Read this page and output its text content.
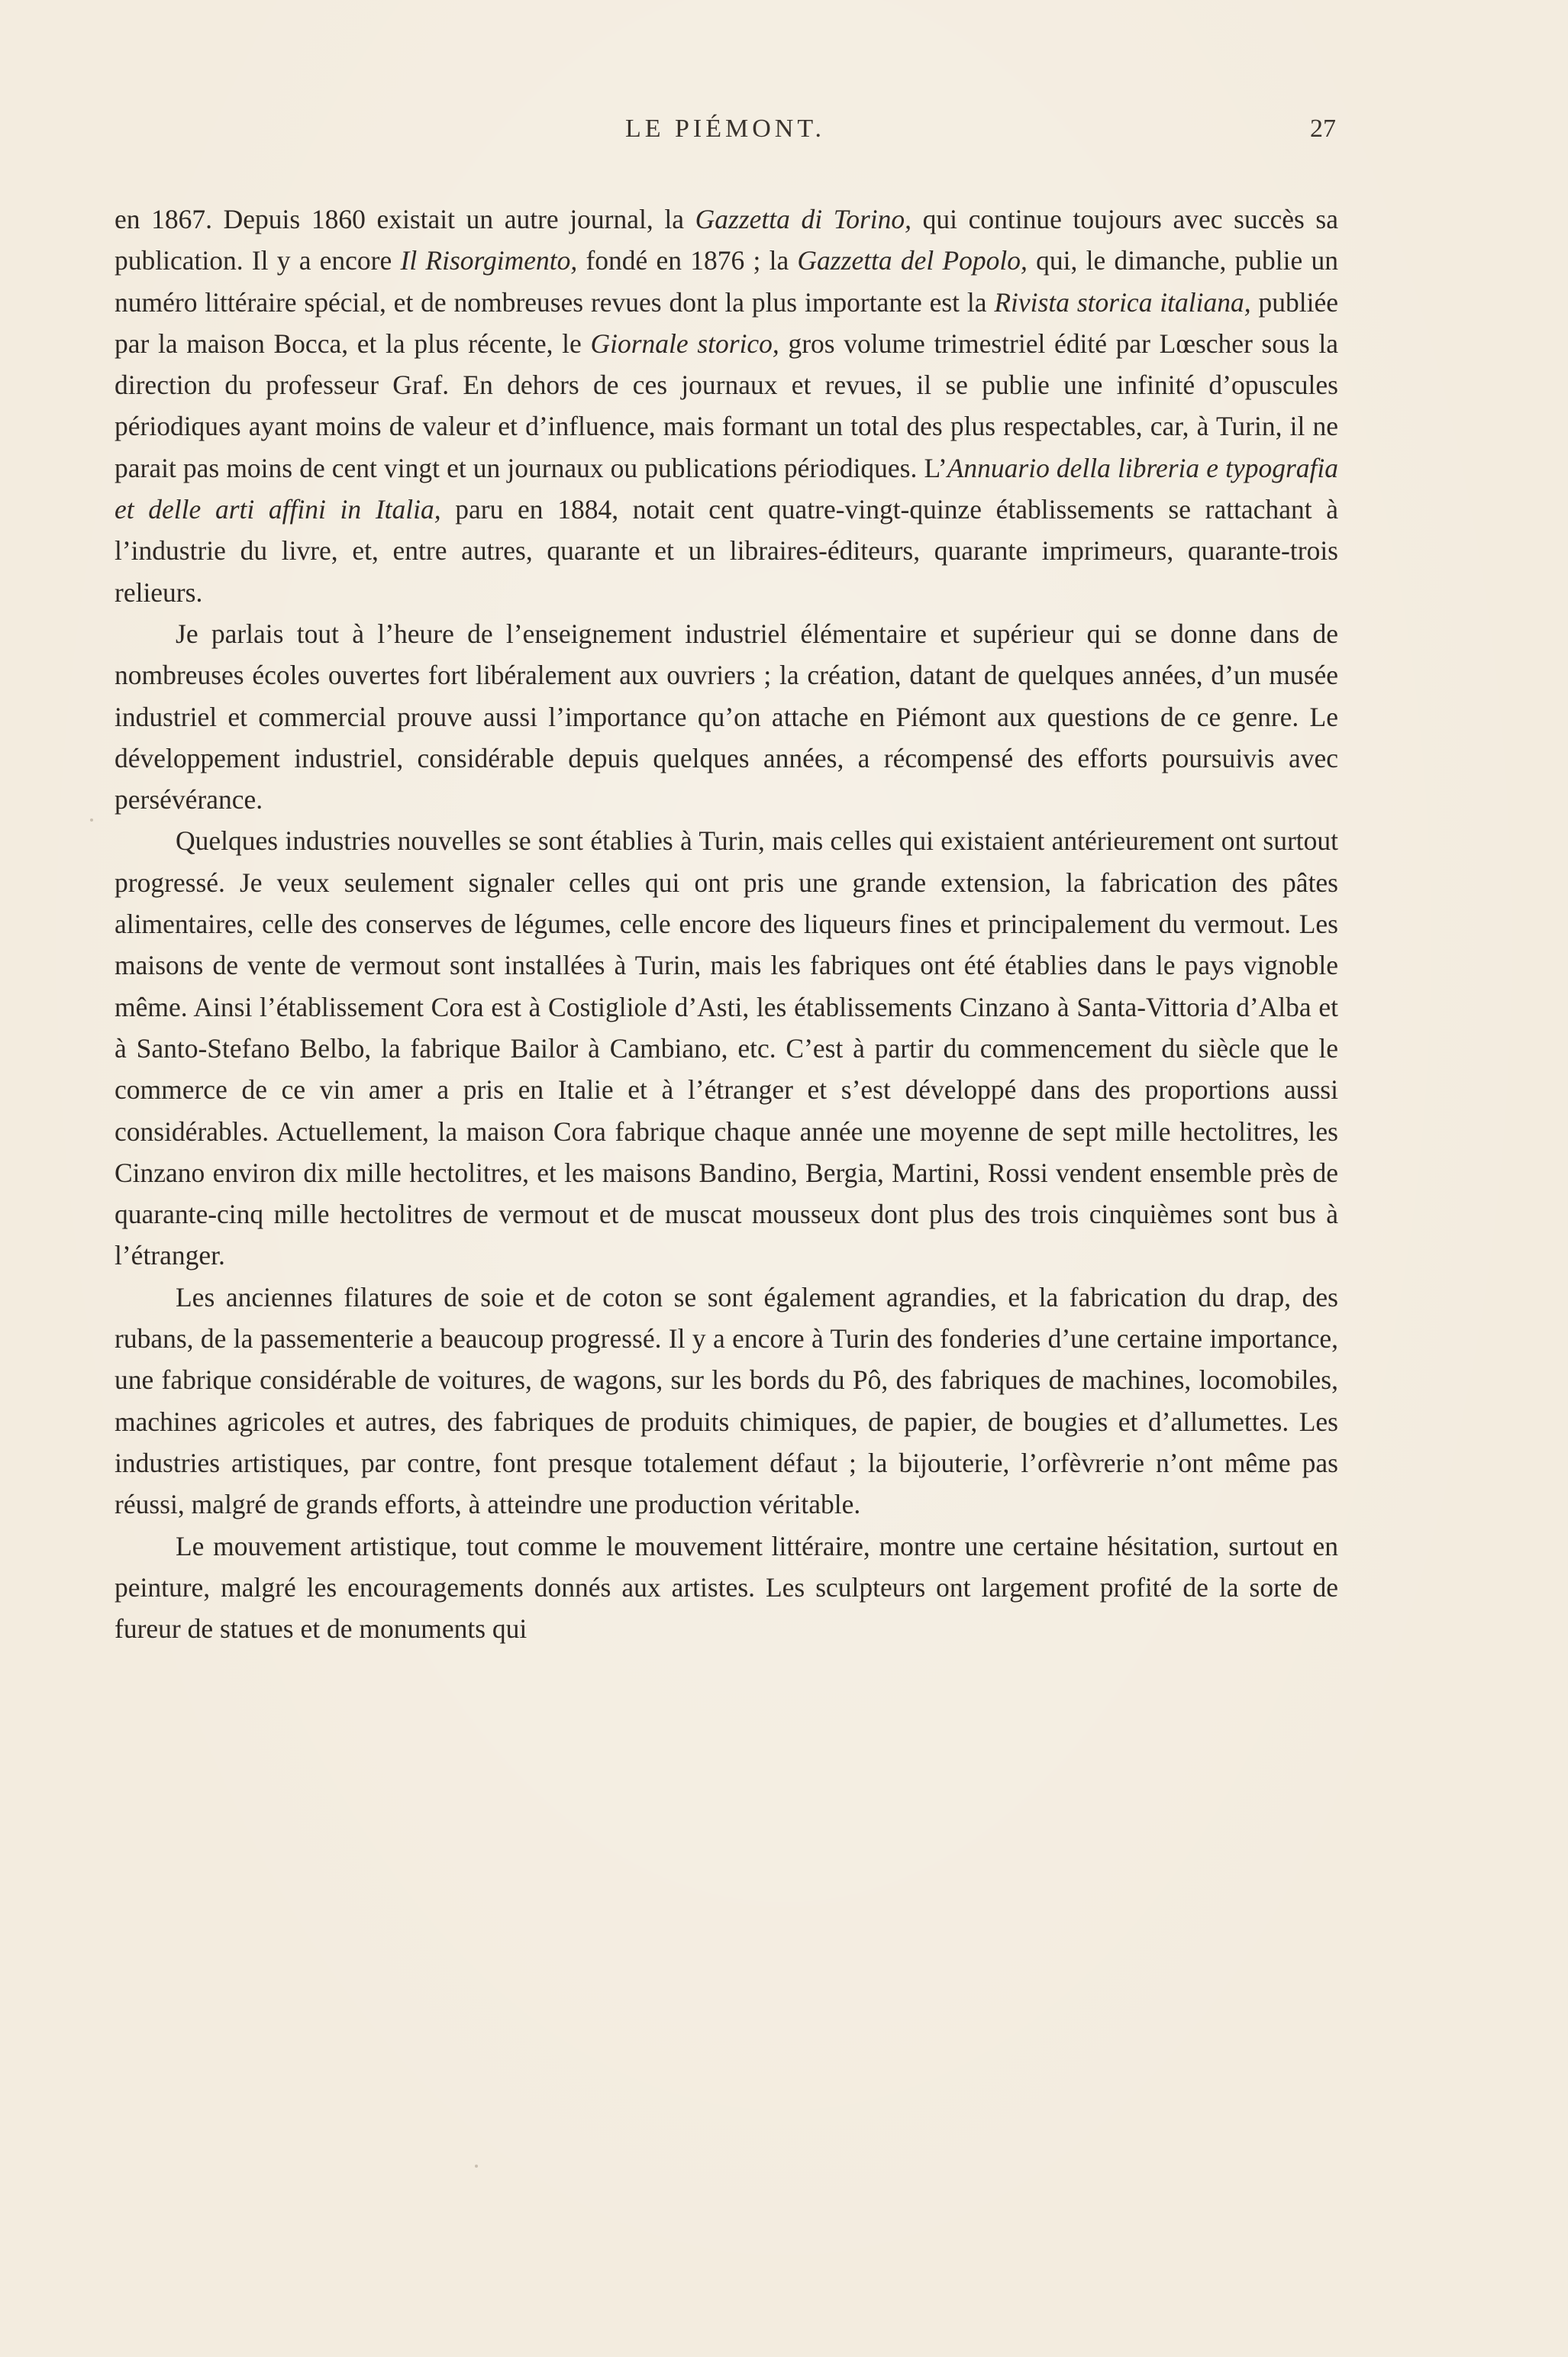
LE PIÉMONT.	27

en 1867. Depuis 1860 existait un autre journal, la Gazzetta di Torino, qui continue toujours avec succès sa publication. Il y a encore Il Risorgimento, fondé en 1876 ; la Gazzetta del Popolo, qui, le dimanche, publie un numéro littéraire spécial, et de nombreuses revues dont la plus importante est la Rivista storica italiana, publiée par la maison Bocca, et la plus récente, le Giornale storico, gros volume trimestriel édité par Lœscher sous la direction du professeur Graf. En dehors de ces journaux et revues, il se publie une infinité d’opuscules périodiques ayant moins de valeur et d’influence, mais formant un total des plus respectables, car, à Turin, il ne parait pas moins de cent vingt et un journaux ou publications périodiques. L’Annuario della libreria e typografia et delle arti affini in Italia, paru en 1884, notait cent quatre-vingt-quinze établissements se rattachant à l’industrie du livre, et, entre autres, quarante et un libraires-éditeurs, quarante imprimeurs, quarante-trois relieurs.

Je parlais tout à l’heure de l’enseignement industriel élémentaire et supérieur qui se donne dans de nombreuses écoles ouvertes fort libéralement aux ouvriers ; la création, datant de quelques années, d’un musée industriel et commercial prouve aussi l’importance qu’on attache en Piémont aux questions de ce genre. Le développement industriel, considérable depuis quelques années, a récompensé des efforts poursuivis avec persévérance.

Quelques industries nouvelles se sont établies à Turin, mais celles qui existaient antérieurement ont surtout progressé. Je veux seulement signaler celles qui ont pris une grande extension, la fabrication des pâtes alimentaires, celle des conserves de légumes, celle encore des liqueurs fines et principalement du vermout. Les maisons de vente de vermout sont installées à Turin, mais les fabriques ont été établies dans le pays vignoble même. Ainsi l’établissement Cora est à Costigliole d’Asti, les établissements Cinzano à Santa-Vittoria d’Alba et à Santo-Stefano Belbo, la fabrique Bailor à Cambiano, etc. C’est à partir du commencement du siècle que le commerce de ce vin amer a pris en Italie et à l’étranger et s’est développé dans des proportions aussi considérables. Actuellement, la maison Cora fabrique chaque année une moyenne de sept mille hectolitres, les Cinzano environ dix mille hectolitres, et les maisons Bandino, Bergia, Martini, Rossi vendent ensemble près de quarante-cinq mille hectolitres de vermout et de muscat mousseux dont plus des trois cinquièmes sont bus à l’étranger.

Les anciennes filatures de soie et de coton se sont également agrandies, et la fabrication du drap, des rubans, de la passementerie a beaucoup progressé. Il y a encore à Turin des fonderies d’une certaine importance, une fabrique considérable de voitures, de wagons, sur les bords du Pô, des fabriques de machines, locomobiles, machines agricoles et autres, des fabriques de produits chimiques, de papier, de bougies et d’allumettes. Les industries artistiques, par contre, font presque totalement défaut ; la bijouterie, l’orfèvrerie n’ont même pas réussi, malgré de grands efforts, à atteindre une production véritable.

Le mouvement artistique, tout comme le mouvement littéraire, montre une certaine hésitation, surtout en peinture, malgré les encouragements donnés aux artistes. Les sculpteurs ont largement profité de la sorte de fureur de statues et de monuments qui
